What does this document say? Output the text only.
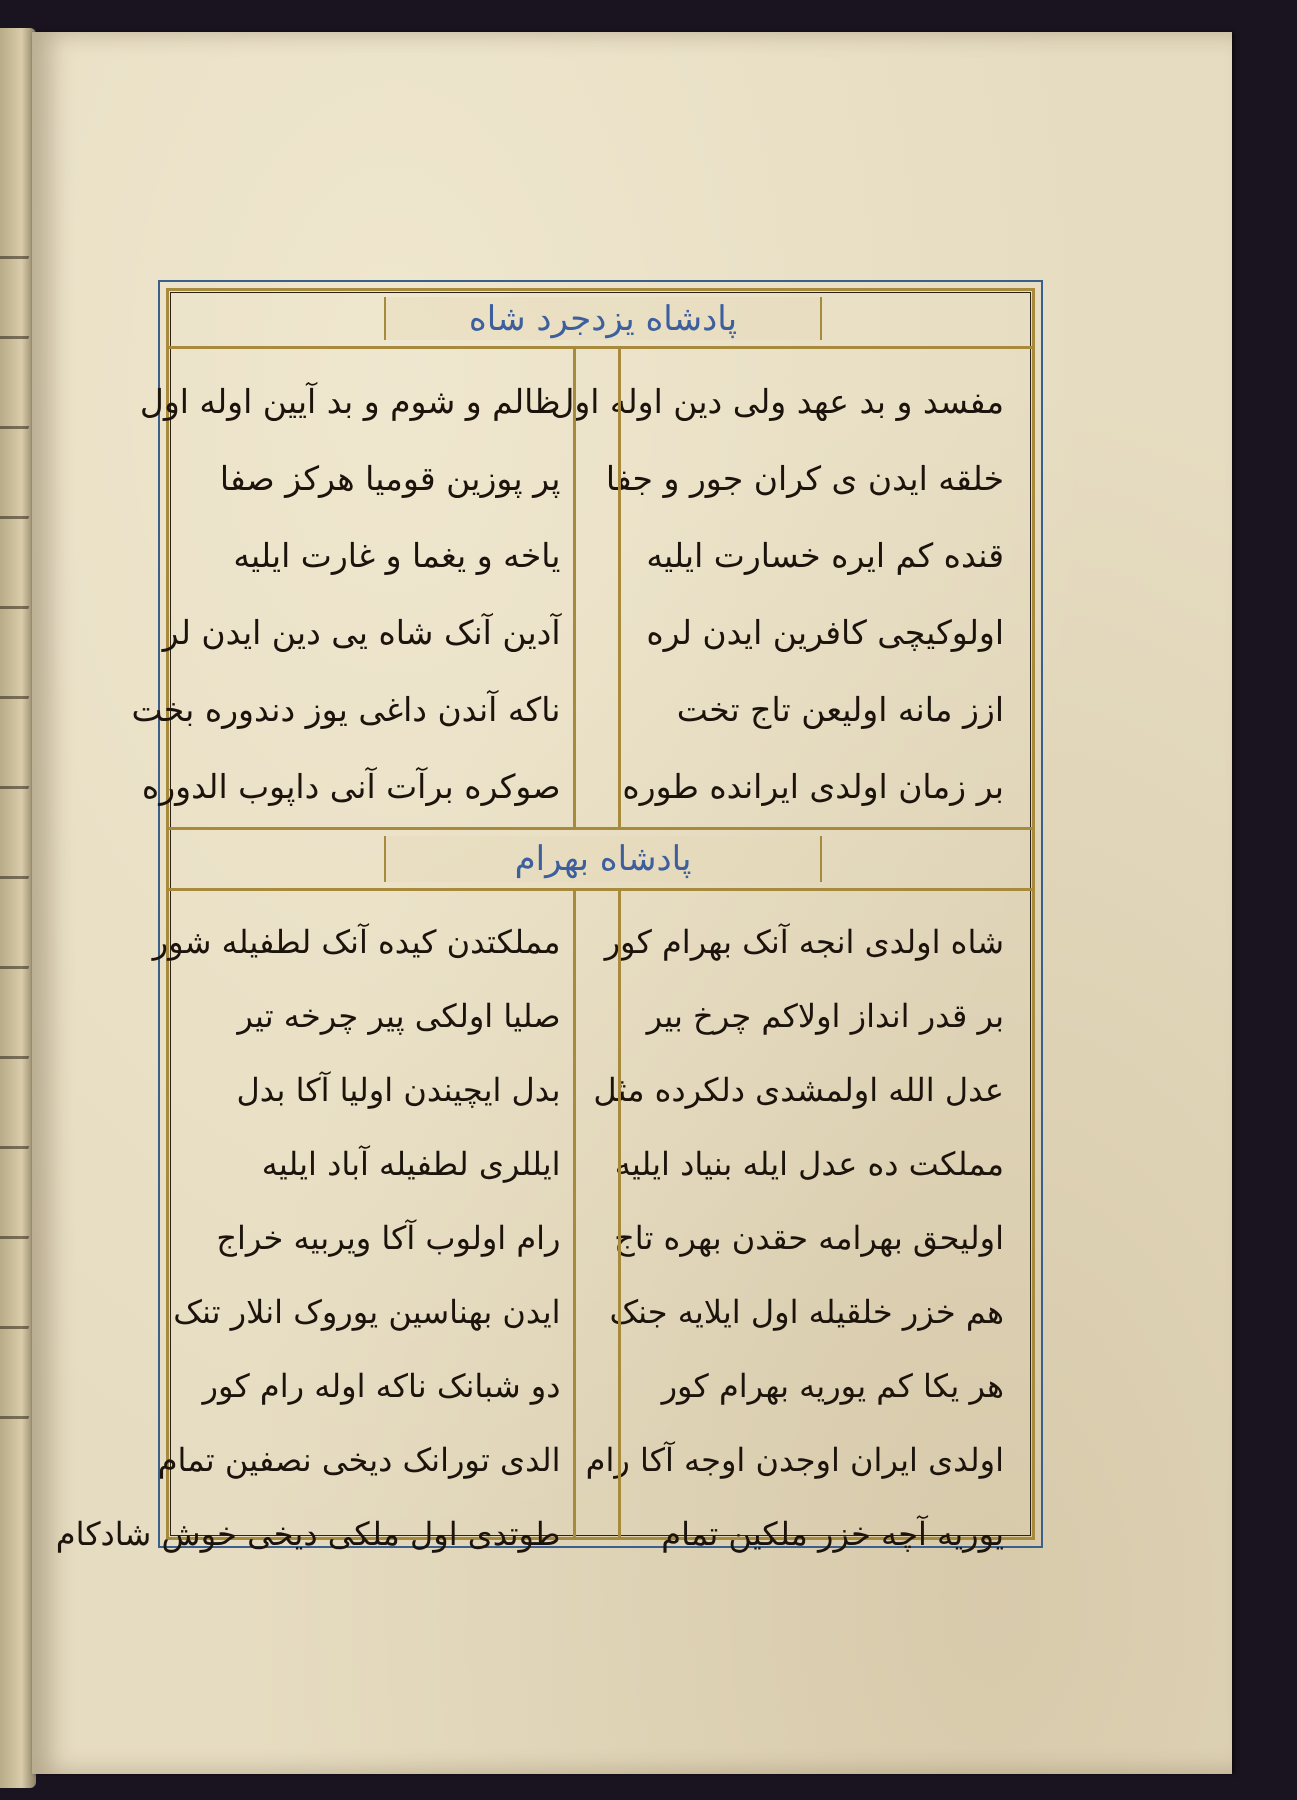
پادشاه یزدجرد شاه
مفسد و بد عهد ولی دین اوله اول
خلقه ایدن ی کران جور و جفا
قنده کم ایره خسارت ایلیه
اولوکیچی کافرین ایدن لره
ازز مانه اولیعن تاج تخت
بر زمان اولدی ایرانده طوره
ظالم و شوم و بد آیین اوله اول
پر پوزین قومیا هرکز صفا
یاخه و یغما و غارت ایلیه
آدین آنک شاه یی دین ایدن لر
ناکه آندن داغی یوز دندوره بخت
صوکره برآت آنی داپوب الدوره
پادشاه بهرام
شاه اولدی انجه آنک بهرام کور
بر قدر انداز اولاکم چرخ بیر
عدل الله اولمشدی دلکرده مثل
مملکت ده عدل ایله بنیاد ایلیه
اولیحق بهرامه حقدن بهره تاج
هم خزر خلقیله اول ایلایه جنک
هر یکا کم یوریه بهرام کور
اولدی ایران اوجدن اوجه آکا رام
یوریه آچه خزر ملکین تمام
مملکتدن کیده آنک لطفیله شور
صلیا اولکی پیر چرخه تیر
بدل ایچیندن اولیا آکا بدل
ایللری لطفیله آباد ایلیه
رام اولوب آکا ویربیه خراج
ایدن بهناسین یوروک انلار تنک
دو شبانک ناکه اوله رام کور
الدی تورانک دیخی نصفین تمام
طوتدی اول ملکی دیخی خوش شادکام
